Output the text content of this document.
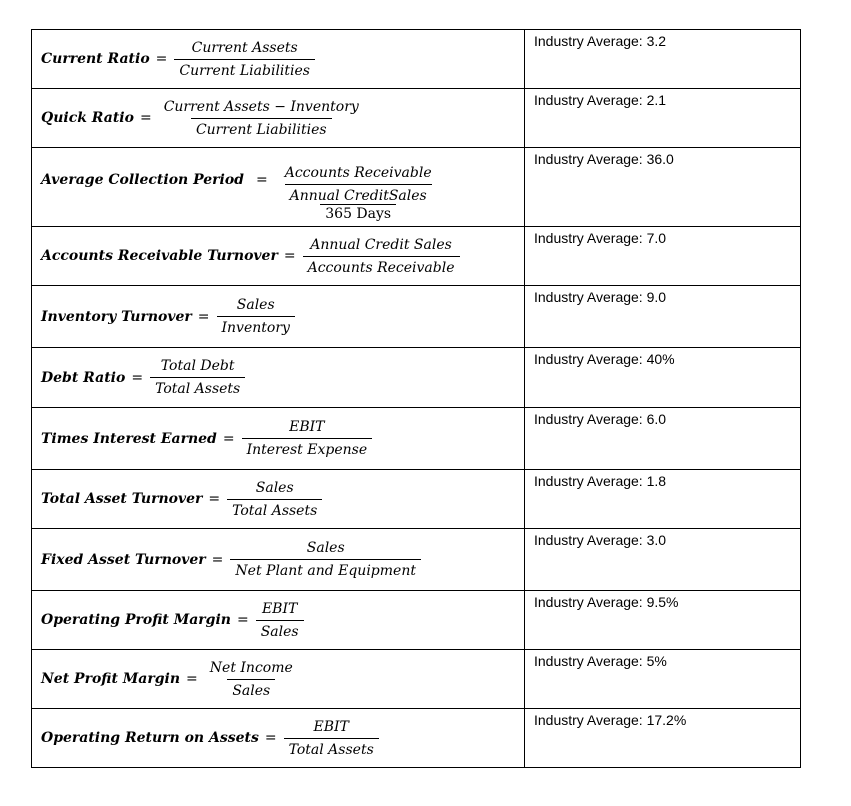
Current Ratio = $\frac{\text{Current Assets}}{\text{Current Liabilities}}$	Industry Average: 3.2

Quick Ratio = $\frac{\text{Current Assets − Inventory}}{\text{Current Liabilities}}$	Industry Average: 2.1

Average Collection Period = Accounts Receivable
Annual CreditSales
365 Days	Industry Average: 36.0

Accounts Receivable Turnover = $\frac{\text{Annual Credit Sales}}{\text{Accounts Receivable}}$	Industry Average: 7.0

Inventory Turnover = $\frac{\text{Sales}}{\text{Inventory}}$	Industry Average: 9.0

Debt Ratio = $\frac{\text{Total Debt}}{\text{Total Assets}}$	Industry Average: 40%

Times Interest Earned = $\frac{\text{EBIT}}{\text{Interest Expense}}$	Industry Average: 6.0

Total Asset Turnover = $\frac{\text{Sales}}{\text{Total Assets}}$	Industry Average: 1.8

Fixed Asset Turnover = $\frac{\text{Sales}}{\text{Net Plant and Equipment}}$	Industry Average: 3.0

Operating Profit Margin = $\frac{\text{EBIT}}{\text{Sales}}$	Industry Average: 9.5%

Net Profit Margin = $\frac{\text{Net Income}}{\text{Sales}}$	Industry Average: 5%

Operating Return on Assets = $\frac{\text{EBIT}}{\text{Total Assets}}$	Industry Average: 17.2%
